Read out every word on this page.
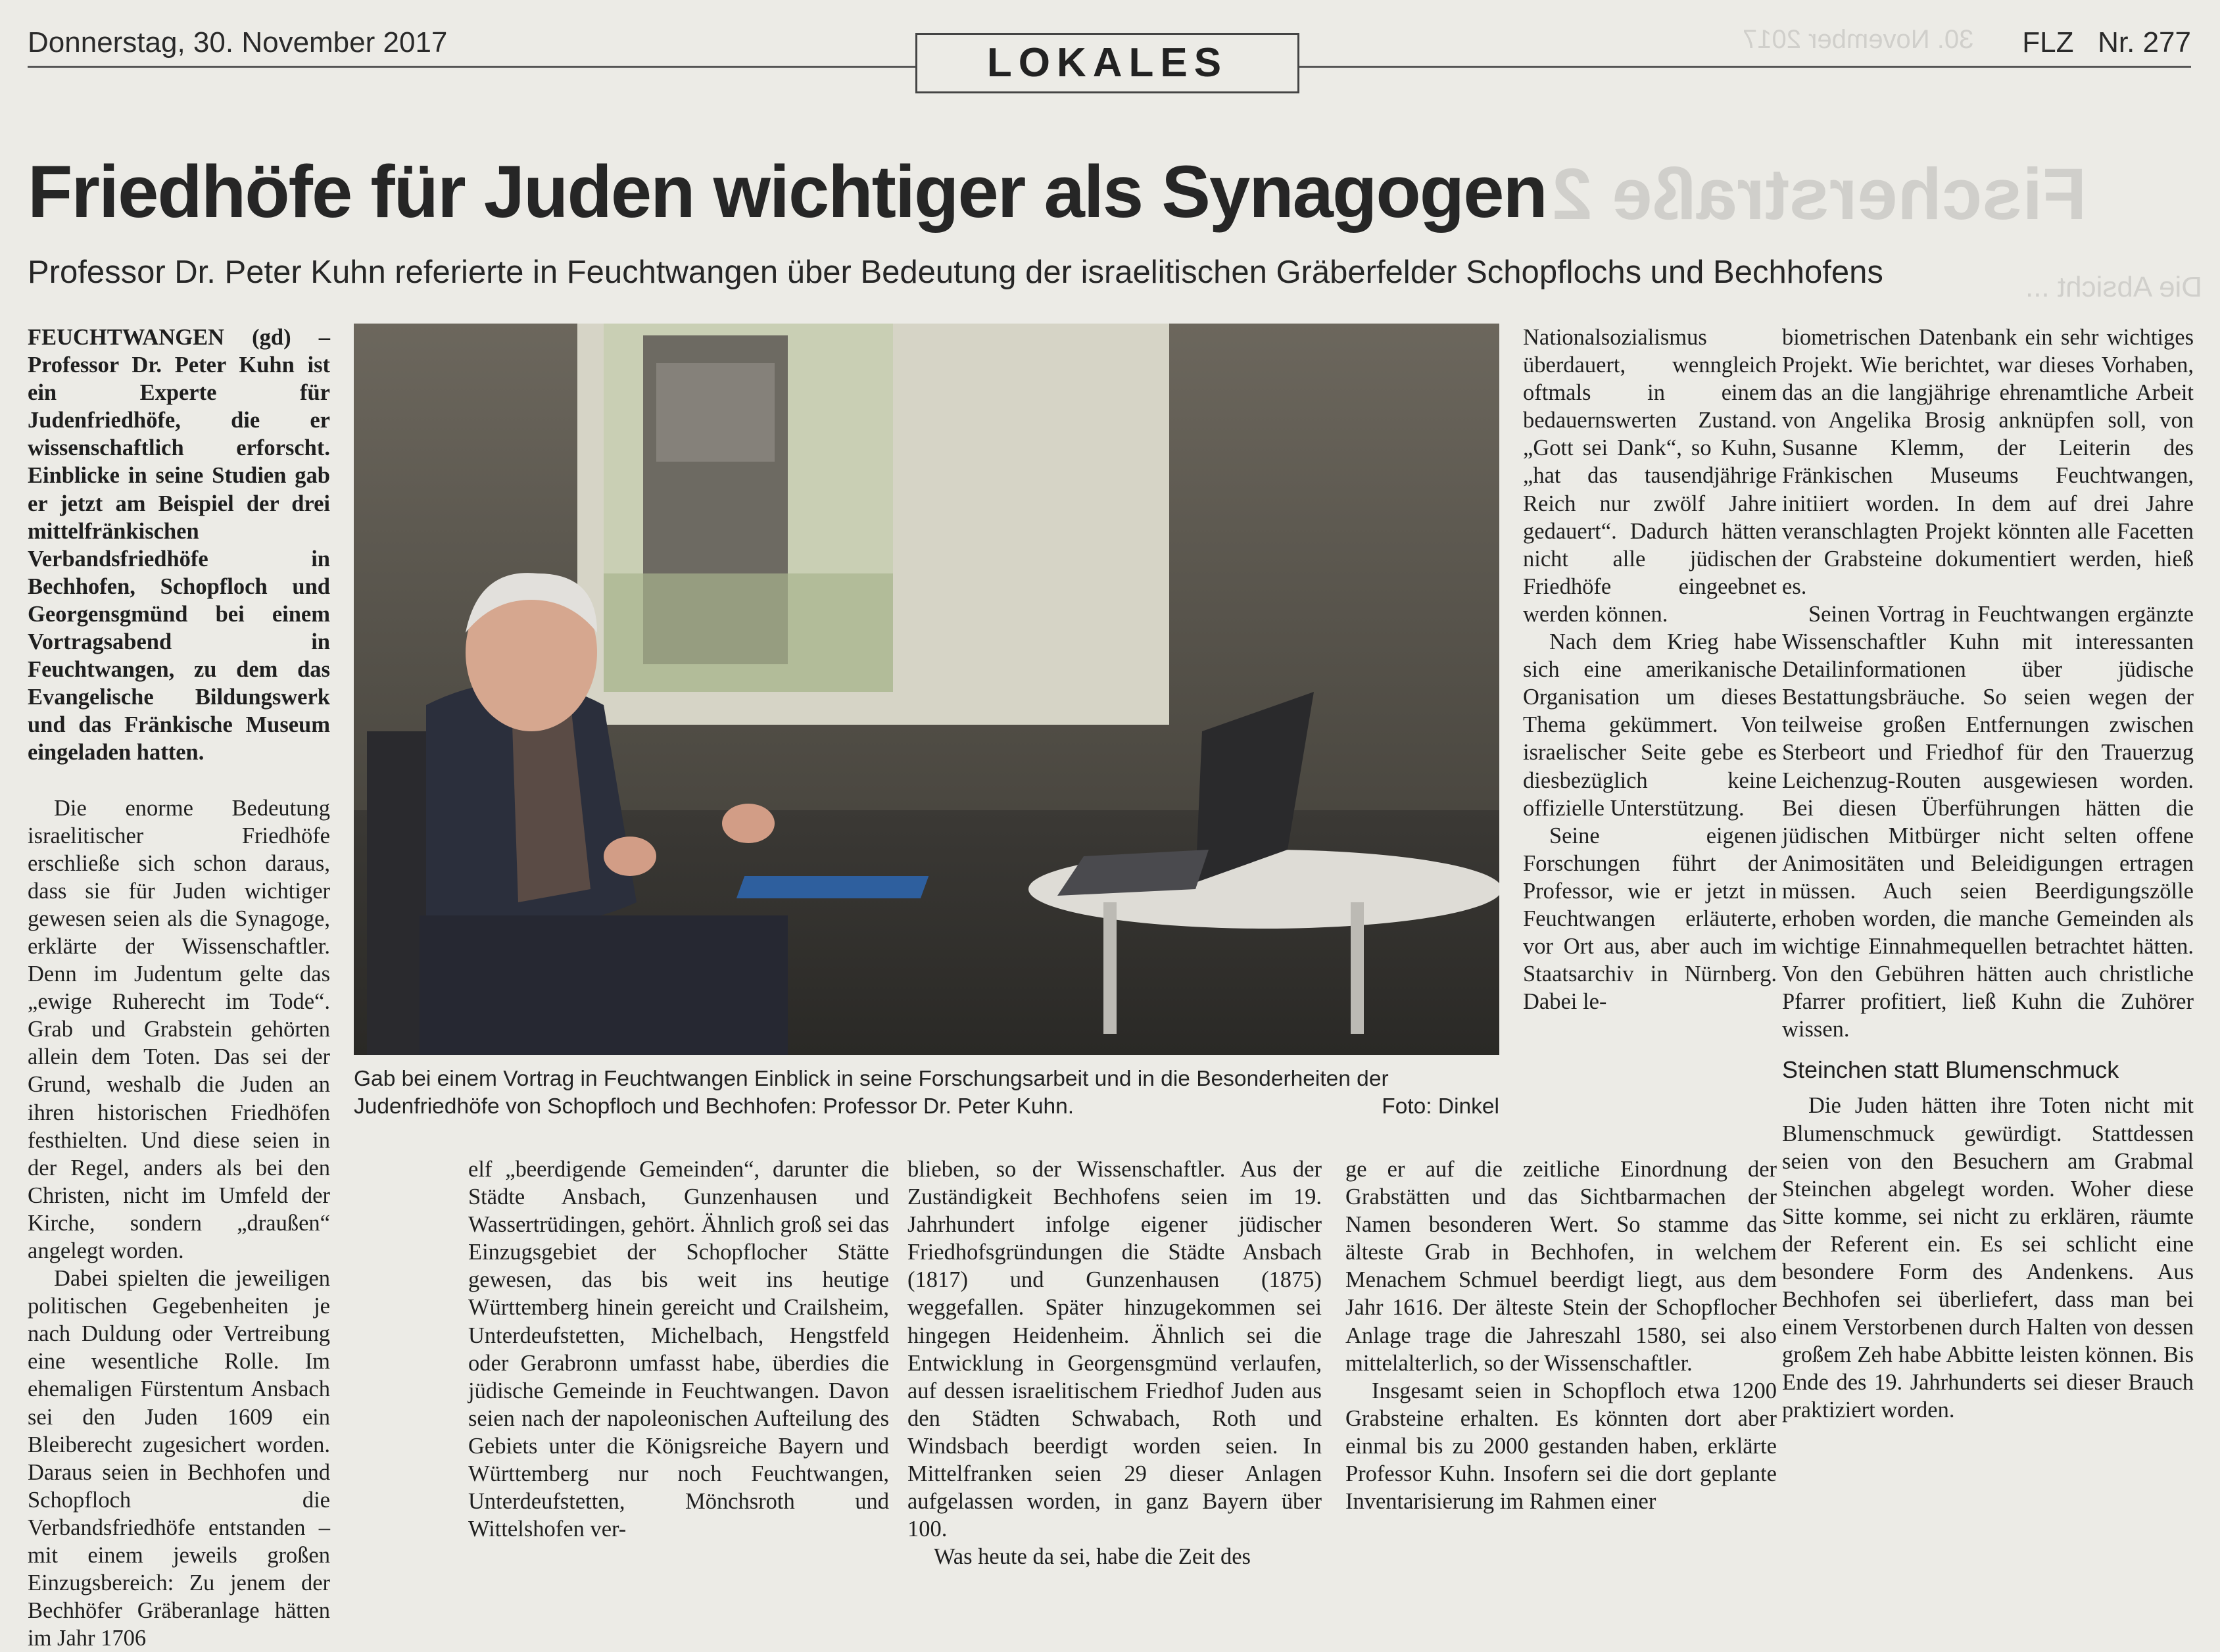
Donnerstag, 30. November 2017	LOKALES	FLZ   Nr. 277
30. November 2017
Fischerstraße 2
Die Absicht ...
Friedhöfe für Juden wichtiger als Synagogen
Professor Dr. Peter Kuhn referierte in Feuchtwangen über Bedeutung der israelitischen Gräberfelder Schopflochs und Bechhofens

FEUCHTWANGEN (gd) – Professor Dr. Peter Kuhn ist ein Experte für Judenfriedhöfe, die er wissenschaftlich erforscht. Einblicke in seine Studien gab er jetzt am Beispiel der drei mittelfränkischen Verbandsfriedhöfe in Bechhofen, Schopfloch und Georgensgmünd bei einem Vortragsabend in Feuchtwangen, zu dem das Evangelische Bildungswerk und das Fränkische Museum eingeladen hatten.

Die enorme Bedeutung israelitischer Friedhöfe erschließe sich schon daraus, dass sie für Juden wichtiger gewesen seien als die Synagoge, erklärte der Wissenschaftler. Denn im Judentum gelte das „ewige Ruherecht im Tode“. Grab und Grabstein gehörten allein dem Toten. Das sei der Grund, weshalb die Juden an ihren historischen Friedhöfen festhielten. Und diese seien in der Regel, anders als bei den Christen, nicht im Umfeld der Kirche, sondern „draußen“ angelegt worden.

Dabei spielten die jeweiligen politischen Gegebenheiten je nach Duldung oder Vertreibung eine wesentliche Rolle. Im ehemaligen Fürstentum Ansbach sei den Juden 1609 ein Bleiberecht zugesichert worden. Daraus seien in Bechhofen und Schopfloch die Verbandsfriedhöfe entstanden – mit einem jeweils großen Einzugsbereich: Zu jenem der Bechhöfer Gräberanlage hätten im Jahr 1706

Gab bei einem Vortrag in Feuchtwangen Einblick in seine Forschungsarbeit und in die Besonderheiten der Judenfriedhöfe von Schopfloch und Bechhofen: Professor Dr. Peter Kuhn.	Foto: Dinkel

elf „beerdigende Gemeinden“, darunter die Städte Ansbach, Gunzenhausen und Wassertrüdingen, gehört. Ähnlich groß sei das Einzugsgebiet der Schopflocher Stätte gewesen, das bis weit ins heutige Württemberg hinein gereicht und Crailsheim, Unterdeufstetten, Michelbach, Hengstfeld oder Gerabronn umfasst habe, überdies die jüdische Gemeinde in Feuchtwangen. Davon seien nach der napoleonischen Aufteilung des Gebiets unter die Königsreiche Bayern und Württemberg nur noch Feuchtwangen, Unterdeufstetten, Mönchsroth und Wittelshofen ver-

blieben, so der Wissenschaftler. Aus der Zuständigkeit Bechhofens seien im 19. Jahrhundert infolge eigener jüdischer Friedhofsgründungen die Städte Ansbach (1817) und Gunzenhausen (1875) weggefallen. Später hinzugekommen sei hingegen Heidenheim. Ähnlich sei die Entwicklung in Georgensgmünd verlaufen, auf dessen israelitischem Friedhof Juden aus den Städten Schwabach, Roth und Windsbach beerdigt worden seien. In Mittelfranken seien 29 dieser Anlagen aufgelassen worden, in ganz Bayern über 100.

Was heute da sei, habe die Zeit des

Nationalsozialismus überdauert, wenngleich oftmals in einem bedauernswerten Zustand. „Gott sei Dank“, so Kuhn, „hat das tausendjährige Reich nur zwölf Jahre gedauert“. Dadurch hätten nicht alle jüdischen Friedhöfe eingeebnet werden können.

Nach dem Krieg habe sich eine amerikanische Organisation um dieses Thema gekümmert. Von israelischer Seite gebe es diesbezüglich keine offizielle Unterstützung.

Seine eigenen Forschungen führt der Professor, wie er jetzt in Feuchtwangen erläuterte, vor Ort aus, aber auch im Staatsarchiv in Nürnberg. Dabei le-

ge er auf die zeitliche Einordnung der Grabstätten und das Sichtbarmachen der Namen besonderen Wert. So stamme das älteste Grab in Bechhofen, in welchem Menachem Schmuel beerdigt liegt, aus dem Jahr 1616. Der älteste Stein der Schopflocher Anlage trage die Jahreszahl 1580, sei also mittelalterlich, so der Wissenschaftler.

Insgesamt seien in Schopfloch etwa 1200 Grabsteine erhalten. Es könnten dort aber einmal bis zu 2000 gestanden haben, erklärte Professor Kuhn. Insofern sei die dort geplante Inventarisierung im Rahmen einer

biometrischen Datenbank ein sehr wichtiges Projekt. Wie berichtet, war dieses Vorhaben, das an die langjährige ehrenamtliche Arbeit von Angelika Brosig anknüpfen soll, von Susanne Klemm, der Leiterin des Fränkischen Museums Feuchtwangen, initiiert worden. In dem auf drei Jahre veranschlagten Projekt könnten alle Facetten der Grabsteine dokumentiert werden, hieß es.

Seinen Vortrag in Feuchtwangen ergänzte Wissenschaftler Kuhn mit interessanten Detailinformationen über jüdische Bestattungsbräuche. So seien wegen der teilweise großen Entfernungen zwischen Sterbeort und Friedhof für den Trauerzug Leichenzug-Routen ausgewiesen worden. Bei diesen Überführungen hätten die jüdischen Mitbürger nicht selten offene Animositäten und Beleidigungen ertragen müssen. Auch seien Beerdigungszölle erhoben worden, die manche Gemeinden als wichtige Einnahmequellen betrachtet hätten. Von den Gebühren hätten auch christliche Pfarrer profitiert, ließ Kuhn die Zuhörer wissen.

Steinchen statt Blumenschmuck

Die Juden hätten ihre Toten nicht mit Blumenschmuck gewürdigt. Stattdessen seien von den Besuchern am Grabmal Steinchen abgelegt worden. Woher diese Sitte komme, sei nicht zu erklären, räumte der Referent ein. Es sei schlicht eine besondere Form des Andenkens. Aus Bechhofen sei überliefert, dass man bei einem Verstorbenen durch Halten von dessen großem Zeh habe Abbitte leisten können. Bis Ende des 19. Jahrhunderts sei dieser Brauch praktiziert worden.
